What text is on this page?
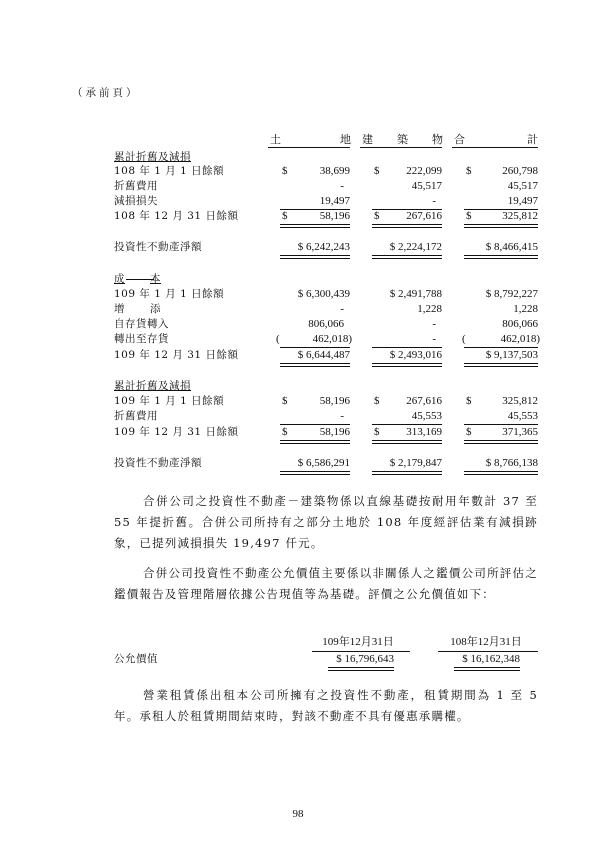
（承前頁）
土	地 建 築 物 合	計
累計折舊及減損
108 年 1 月 1 日餘額	$	38,699 $	222,099 $	260,798
折舊費用	-	45,517	45,517
減損損失	19,497	-	19,497
108 年 12 月 31 日餘額	$	58,196 $	267,616 $	325,812
投資性不動產淨額	$ 6,242,243	$ 2,224,172	$ 8,466,415
成 本
109 年 1 月 1 日餘額	$ 6,300,439	$ 2,491,788	$ 8,792,227
增 添	-	1,228	1,228
自存貨轉入	806,066	-	806,066
轉出至存貨	(	462,018)	- (	462,018)
109 年 12 月 31 日餘額	$ 6,644,487	$ 2,493,016	$ 9,137,503
累計折舊及減損
109 年 1 月 1 日餘額	$	58,196 $	267,616 $	325,812
折舊費用	-	45,553	45,553
109 年 12 月 31 日餘額	$	58,196 $	313,169 $	371,365
投資性不動產淨額	$ 6,586,291	$ 2,179,847	$ 8,766,138
合併公司之投資性不動產－建築物係以直線基礎按耐用年數計 37 至 55 年提折舊。合併公司所持有之部分土地於 108 年度經評估業有減損跡象，已提列減損損失 19,497 仟元。
合併公司投資性不動產公允價值主要係以非關係人之鑑價公司所評估之鑑價報告及管理階層依據公告現值等為基礎。評價之公允價值如下：
109年12月31日	108年12月31日
公允價值	$ 16,796,643	$ 16,162,348
營業租賃係出租本公司所擁有之投資性不動產，租賃期間為 1 至 5 年。承租人於租賃期間結束時，對該不動產不具有優惠承購權。
98
